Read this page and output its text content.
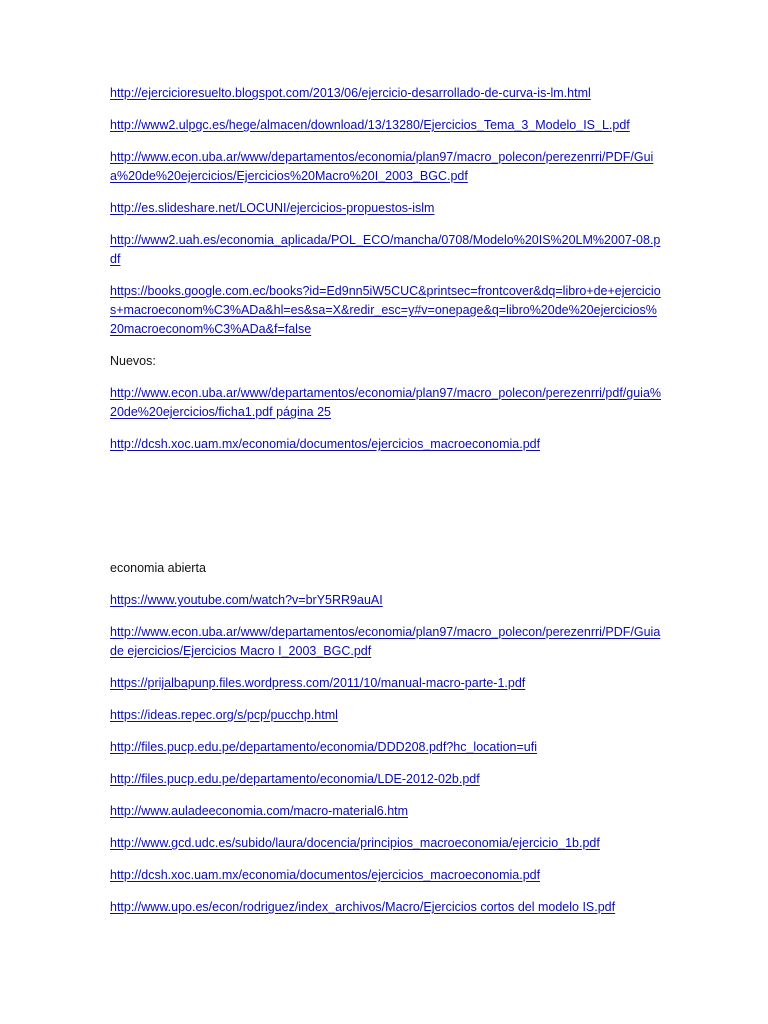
http://ejercicioresuelto.blogspot.com/2013/06/ejercicio-desarrollado-de-curva-is-lm.html

http://www2.ulpgc.es/hege/almacen/download/13/13280/Ejercicios_Tema_3_Modelo_IS_L.pdf

http://www.econ.uba.ar/www/departamentos/economia/plan97/macro_polecon/perezenrri/PDF/Guia%20de%20ejercicios/Ejercicios%20Macro%20I_2003_BGC.pdf

http://es.slideshare.net/LOCUNI/ejercicios-propuestos-islm

http://www2.uah.es/economia_aplicada/POL_ECO/mancha/0708/Modelo%20IS%20LM%2007-08.pdf

https://books.google.com.ec/books?id=Ed9nn5iW5CUC&printsec=frontcover&dq=libro+de+ejercicios+macroeconom%C3%ADa&hl=es&sa=X&redir_esc=y#v=onepage&q=libro%20de%20ejercicios%20macroeconom%C3%ADa&f=false

Nuevos:

http://www.econ.uba.ar/www/departamentos/economia/plan97/macro_polecon/perezenrri/pdf/guia%20de%20ejercicios/ficha1.pdf página 25

http://dcsh.xoc.uam.mx/economia/documentos/ejercicios_macroeconomia.pdf

economia abierta

https://www.youtube.com/watch?v=brY5RR9auAI

http://www.econ.uba.ar/www/departamentos/economia/plan97/macro_polecon/perezenrri/PDF/Guia de ejercicios/Ejercicios Macro I_2003_BGC.pdf

https://prijalbapunp.files.wordpress.com/2011/10/manual-macro-parte-1.pdf

https://ideas.repec.org/s/pcp/pucchp.html

http://files.pucp.edu.pe/departamento/economia/DDD208.pdf?hc_location=ufi

http://files.pucp.edu.pe/departamento/economia/LDE-2012-02b.pdf

http://www.auladeeconomia.com/macro-material6.htm

http://www.gcd.udc.es/subido/laura/docencia/principios_macroeconomia/ejercicio_1b.pdf

http://dcsh.xoc.uam.mx/economia/documentos/ejercicios_macroeconomia.pdf

http://www.upo.es/econ/rodriguez/index_archivos/Macro/Ejercicios cortos del modelo IS.pdf
